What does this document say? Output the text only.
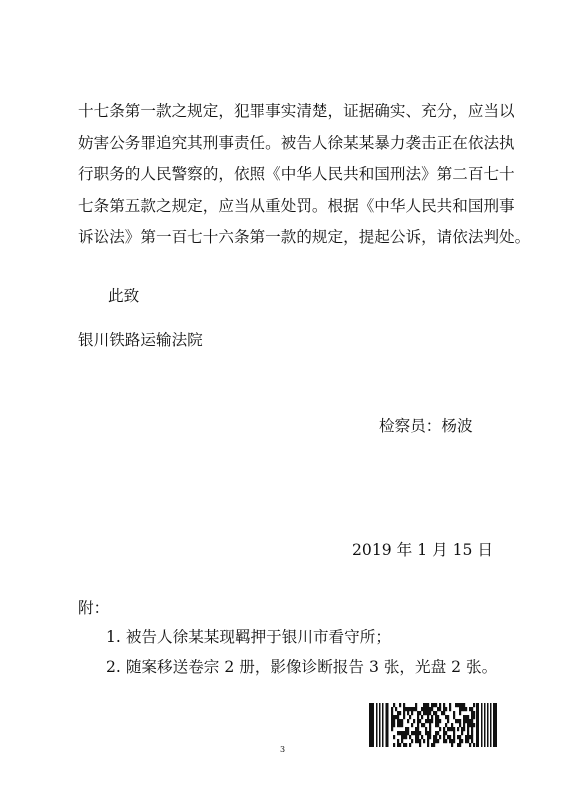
十七条第一款之规定，犯罪事实清楚，证据确实、充分，应当以
妨害公务罪追究其刑事责任。被告人徐某某暴力袭击正在依法执
行职务的人民警察的，依照《中华人民共和国刑法》第二百七十
七条第五款之规定，应当从重处罚。根据《中华人民共和国刑事
诉讼法》第一百七十六条第一款的规定，提起公诉，请依法判处。
此致
银川铁路运输法院
检察员：杨波
2019 年 1 月 15 日
附：
1. 被告人徐某某现羁押于银川市看守所；
2. 随案移送卷宗 2 册，影像诊断报告 3 张，光盘 2 张。
3
